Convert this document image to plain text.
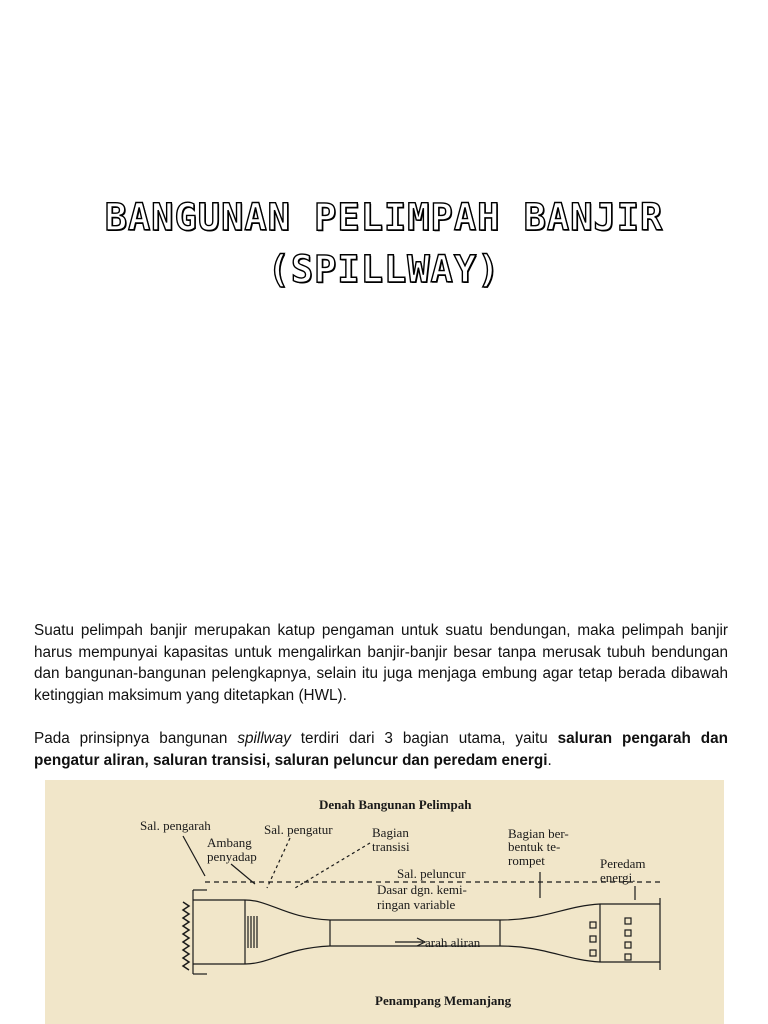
BANGUNAN PELIMPAH BANJIR
(SPILLWAY)

Suatu pelimpah banjir merupakan katup pengaman untuk suatu bendungan, maka pelimpah banjir harus mempunyai kapasitas untuk mengalirkan banjir-banjir besar tanpa merusak tubuh bendungan dan bangunan-bangunan pelengkapnya, selain itu juga menjaga embung agar tetap berada dibawah ketinggian maksimum yang ditetapkan (HWL).

Pada prinsipnya bangunan spillway terdiri dari 3 bagian utama, yaitu saluran pengarah dan pengatur aliran, saluran transisi, saluran peluncur dan peredam energi.

Denah Bangunan Pelimpah
Sal. pengarah
Ambang
penyadap
Sal. pengatur	Bagian
transisi
Bagian ber-
bentuk te-
rompet	Peredam
energi.
Sal. peluncur
Dasar dgn. kemi-
ringan variable
arah aliran
Penampang Memanjang
